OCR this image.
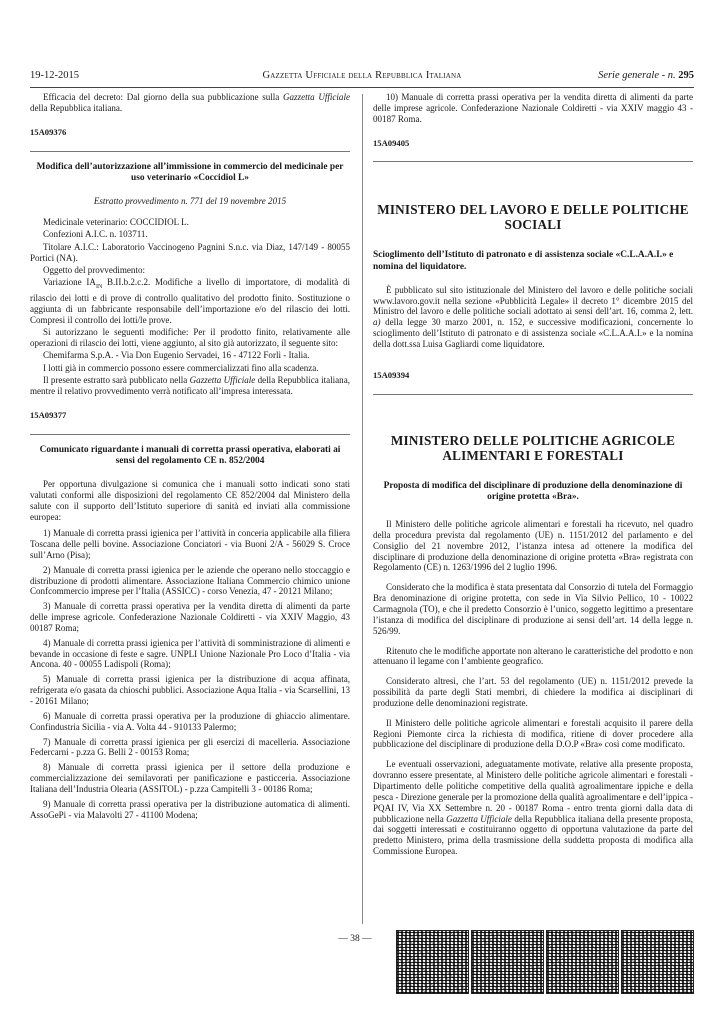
19-12-2015	Gazzetta Ufficiale della Repubblica Italiana	Serie generale - n. 295

Efficacia del decreto: Dal giorno della sua pubblicazione sulla Gazzetta Ufficiale della Repubblica italiana.

15A09376
Modifica dell’autorizzazione all’immissione in commercio del medicinale per uso veterinario «Coccidiol L»
Estratto provvedimento n. 771 del 19 novembre 2015

Medicinale veterinario: COCCIDIOL L.

Confezioni A.I.C. n. 103711.

Titolare A.I.C.: Laboratorio Vaccinogeno Pagnini S.n.c. via Diaz, 147/149 - 80055 Portici (NA).

Oggetto del provvedimento:

Variazione $IA_{IN}$ B.II.b.2.c.2. Modifiche a livello di importatore, di modalità di rilascio dei lotti e di prove di controllo qualitativo del prodotto finito. Sostituzione o aggiunta di un fabbricante responsabile dell’importazione e/o del rilascio dei lotti. Compresi il controllo dei lotti/le prove.

Si autorizzano le seguenti modifiche: Per il prodotto finito, relativamente alle operazioni di rilascio dei lotti, viene aggiunto, al sito già autorizzato, il seguente sito:

Chemifarma S.p.A. - Via Don Eugenio Servadei, 16 - 47122 Forlì - Italia.

I lotti già in commercio possono essere commercializzati fino alla scadenza.

Il presente estratto sarà pubblicato nella Gazzetta Ufficiale della Repubblica italiana, mentre il relativo provvedimento verrà notificato all’impresa interessata.

15A09377
Comunicato riguardante i manuali di corretta prassi operativa, elaborati ai sensi del regolamento CE n. 852/2004

Per opportuna divulgazione si comunica che i manuali sotto indicati sono stati valutati conformi alle disposizioni del regolamento CE 852/2004 dal Ministero della salute con il supporto dell’Istituto superiore di sanità ed inviati alla commissione europea:

1) Manuale di corretta prassi igienica per l’attività in conceria applicabile alla filiera Toscana delle pelli bovine. Associazione Conciatori - via Buoni 2/A - 56029 S. Croce sull’Arno (Pisa);

2) Manuale di corretta prassi igienica per le aziende che operano nello stoccaggio e distribuzione di prodotti alimentare. Associazione Italiana Commercio chimico unione Confcommercio imprese per l’Italia (ASSICC) - corso Venezia, 47 - 20121 Milano;

3) Manuale di corretta prassi operativa per la vendita diretta di alimenti da parte delle imprese agricole. Confederazione Nazionale Coldiretti - via XXIV Maggio, 43 00187 Roma;

4) Manuale di corretta prassi igienica per l’attività di somministrazione di alimenti e bevande in occasione di feste e sagre. UNPLI Unione Nazionale Pro Loco d’Italia - via Ancona. 40 - 00055 Ladispoli (Roma);

5) Manuale di corretta prassi igienica per la distribuzione di acqua affinata, refrigerata e/o gasata da chioschi pubblici. Associazione Aqua Italia - via Scarsellini, 13 - 20161 Milano;

6) Manuale di corretta prassi operativa per la produzione di ghiaccio alimentare. Confindustria Sicilia - via A. Volta 44 - 910133 Palermo;

7) Manuale di corretta prassi igienica per gli esercizi di macelleria. Associazione Federcarni - p.zza G. Belli 2 - 00153 Roma;

8) Manuale di corretta prassi igienica per il settore della produzione e commercializzazione dei semilavorati per panificazione e pasticceria. Associazione Italiana dell’Industria Olearia (ASSITOL) - p.zza Campitelli 3 - 00186 Roma;

9) Manuale di corretta prassi operativa per la distribuzione automatica di alimenti. AssoGePi - via Malavolti 27 - 41100 Modena;

10) Manuale di corretta prassi operativa per la vendita diretta di alimenti da parte delle imprese agricole. Confederazione Nazionale Coldiretti - via XXIV maggio 43 - 00187 Roma.

15A09405
MINISTERO DEL LAVORO E DELLE POLITICHE SOCIALI
Scioglimento dell’Istituto di patronato e di assistenza sociale «C.L.A.A.I.» e nomina del liquidatore.

È pubblicato sul sito istituzionale del Ministero del lavoro e delle politiche sociali www.lavoro.gov.it nella sezione «Pubblicità Legale» il decreto 1° dicembre 2015 del Ministro del lavoro e delle politiche sociali adottato ai sensi dell’art. 16, comma 2, lett. a) della legge 30 marzo 2001, n. 152, e successive modificazioni, concernente lo scioglimento dell’Istituto di patronato e di assistenza sociale «C.L.A.A.I.» e la nomina della dott.ssa Luisa Gagliardi come liquidatore.

15A09394
MINISTERO DELLE POLITICHE AGRICOLE ALIMENTARI E FORESTALI
Proposta di modifica del disciplinare di produzione della denominazione di origine protetta «Bra».

Il Ministero delle politiche agricole alimentari e forestali ha ricevuto, nel quadro della procedura prevista dal regolamento (UE) n. 1151/2012 del parlamento e del Consiglio del 21 novembre 2012, l’istanza intesa ad ottenere la modifica del disciplinare di produzione della denominazione di origine protetta «Bra» registrata con Regolamento (CE) n. 1263/1996 del 2 luglio 1996.

Considerato che la modifica è stata presentata dal Consorzio di tutela del Formaggio Bra denominazione di origine protetta, con sede in Via Silvio Pellico, 10 - 10022 Carmagnola (TO), e che il predetto Consorzio è l’unico, soggetto legittimo a presentare l’istanza di modifica del disciplinare di produzione ai sensi dell’art. 14 della legge n. 526/99.

Ritenuto che le modifiche apportate non alterano le caratteristiche del prodotto e non attenuano il legame con l’ambiente geografico.

Considerato altresì, che l’art. 53 del regolamento (UE) n. 1151/2012 prevede la possibilità da parte degli Stati membri, di chiedere la modifica ai disciplinari di produzione delle denominazioni registrate.

Il Ministero delle politiche agricole alimentari e forestali acquisito il parere della Regioni Piemonte circa la richiesta di modifica, ritiene di dover procedere alla pubblicazione del disciplinare di produzione della D.O.P «Bra» così come modificato.

Le eventuali osservazioni, adeguatamente motivate, relative alla presente proposta, dovranno essere presentate, al Ministero delle politiche agricole alimentari e forestali - Dipartimento delle politiche competitive della qualità agroalimentare ippiche e della pesca - Direzione generale per la promozione della qualità agroalimentare e dell’ippica - PQAI IV, Via XX Settembre n. 20 - 00187 Roma - entro trenta giorni dalla data di pubblicazione nella Gazzetta Ufficiale della Repubblica italiana della presente proposta, dai soggetti interessati e costituiranno oggetto di opportuna valutazione da parte del predetto Ministero, prima della trasmissione della suddetta proposta di modifica alla Commissione Europea.

— 38 —
